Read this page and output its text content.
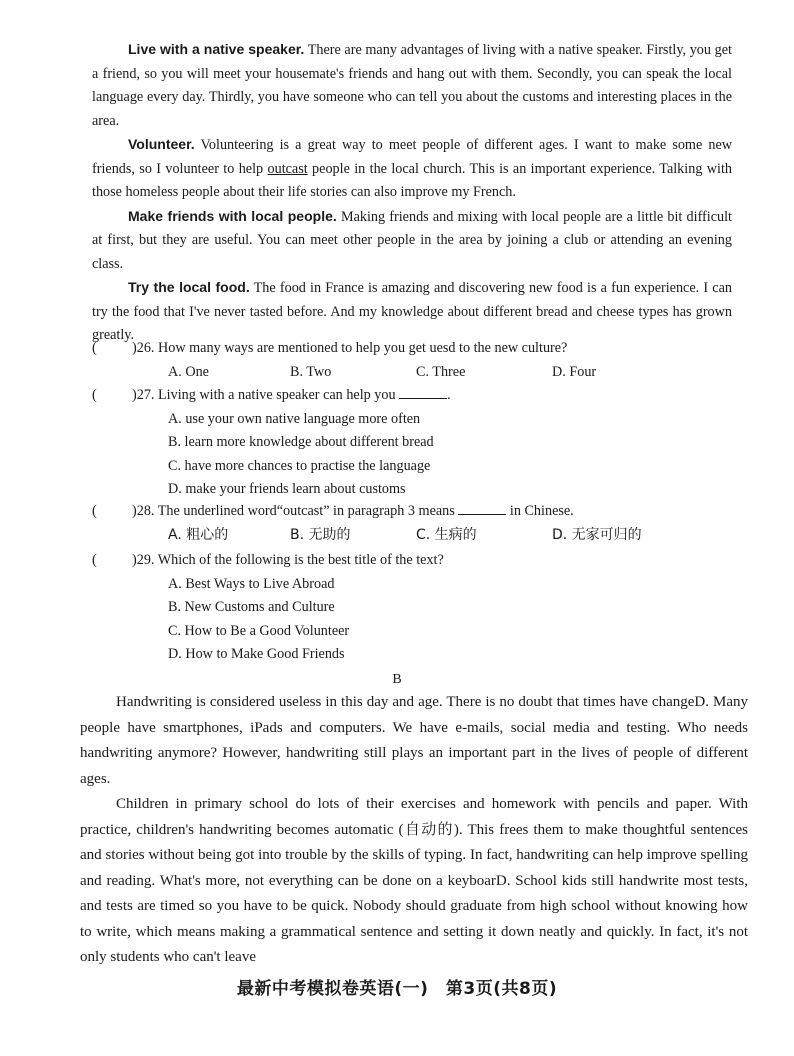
Live with a native speaker. There are many advantages of living with a native speaker. Firstly, you get a friend, so you will meet your housemate's friends and hang out with them. Secondly, you can speak the local language every day. Thirdly, you have someone who can tell you about the customs and interesting places in the area.

Volunteer. Volunteering is a great way to meet people of different ages. I want to make some new friends, so I volunteer to help outcast people in the local church. This is an important experience. Talking with those homeless people about their life stories can also improve my French.

Make friends with local people. Making friends and mixing with local people are a little bit difficult at first, but they are useful. You can meet other people in the area by joining a club or attending an evening class.

Try the local food. The food in France is amazing and discovering new food is a fun experience. I can try the food that I've never tasted before. And my knowledge about different bread and cheese types has grown greatly.

( )26. How many ways are mentioned to help you get uesd to the new culture?
A. One	B. Two	C. Three	D. Four
( )27. Living with a native speaker can help you	.
A. use your own native language more often
B. learn more knowledge about different bread
C. have more chances to practise the language
D. make your friends learn about customs
( )28. The underlined word“outcast” in paragraph 3 means	in Chinese.
A. 粗心的	B. 无助的	C. 生病的	D. 无家可归的
( )29. Which of the following is the best title of the text?
A. Best Ways to Live Abroad
B. New Customs and Culture
C. How to Be a Good Volunteer
D. How to Make Good Friends
B

Handwriting is considered useless in this day and age. There is no doubt that times have changeD. Many people have smartphones, iPads and computers. We have e-mails, social media and testing. Who needs handwriting anymore? However, handwriting still plays an important part in the lives of people of different ages.

Children in primary school do lots of their exercises and homework with pencils and paper. With practice, children's handwriting becomes automatic (自动的). This frees them to make thoughtful sentences and stories without being got into trouble by the skills of typing. In fact, handwriting can help improve spelling and reading. What's more, not everything can be done on a keyboarD. School kids still handwrite most tests, and tests are timed so you have to be quick. Nobody should graduate from high school without knowing how to write, which means making a grammatical sentence and setting it down neatly and quickly. In fact, it's not only students who can't leave

最新中考模拟卷英语(一)　第3页(共8页)
